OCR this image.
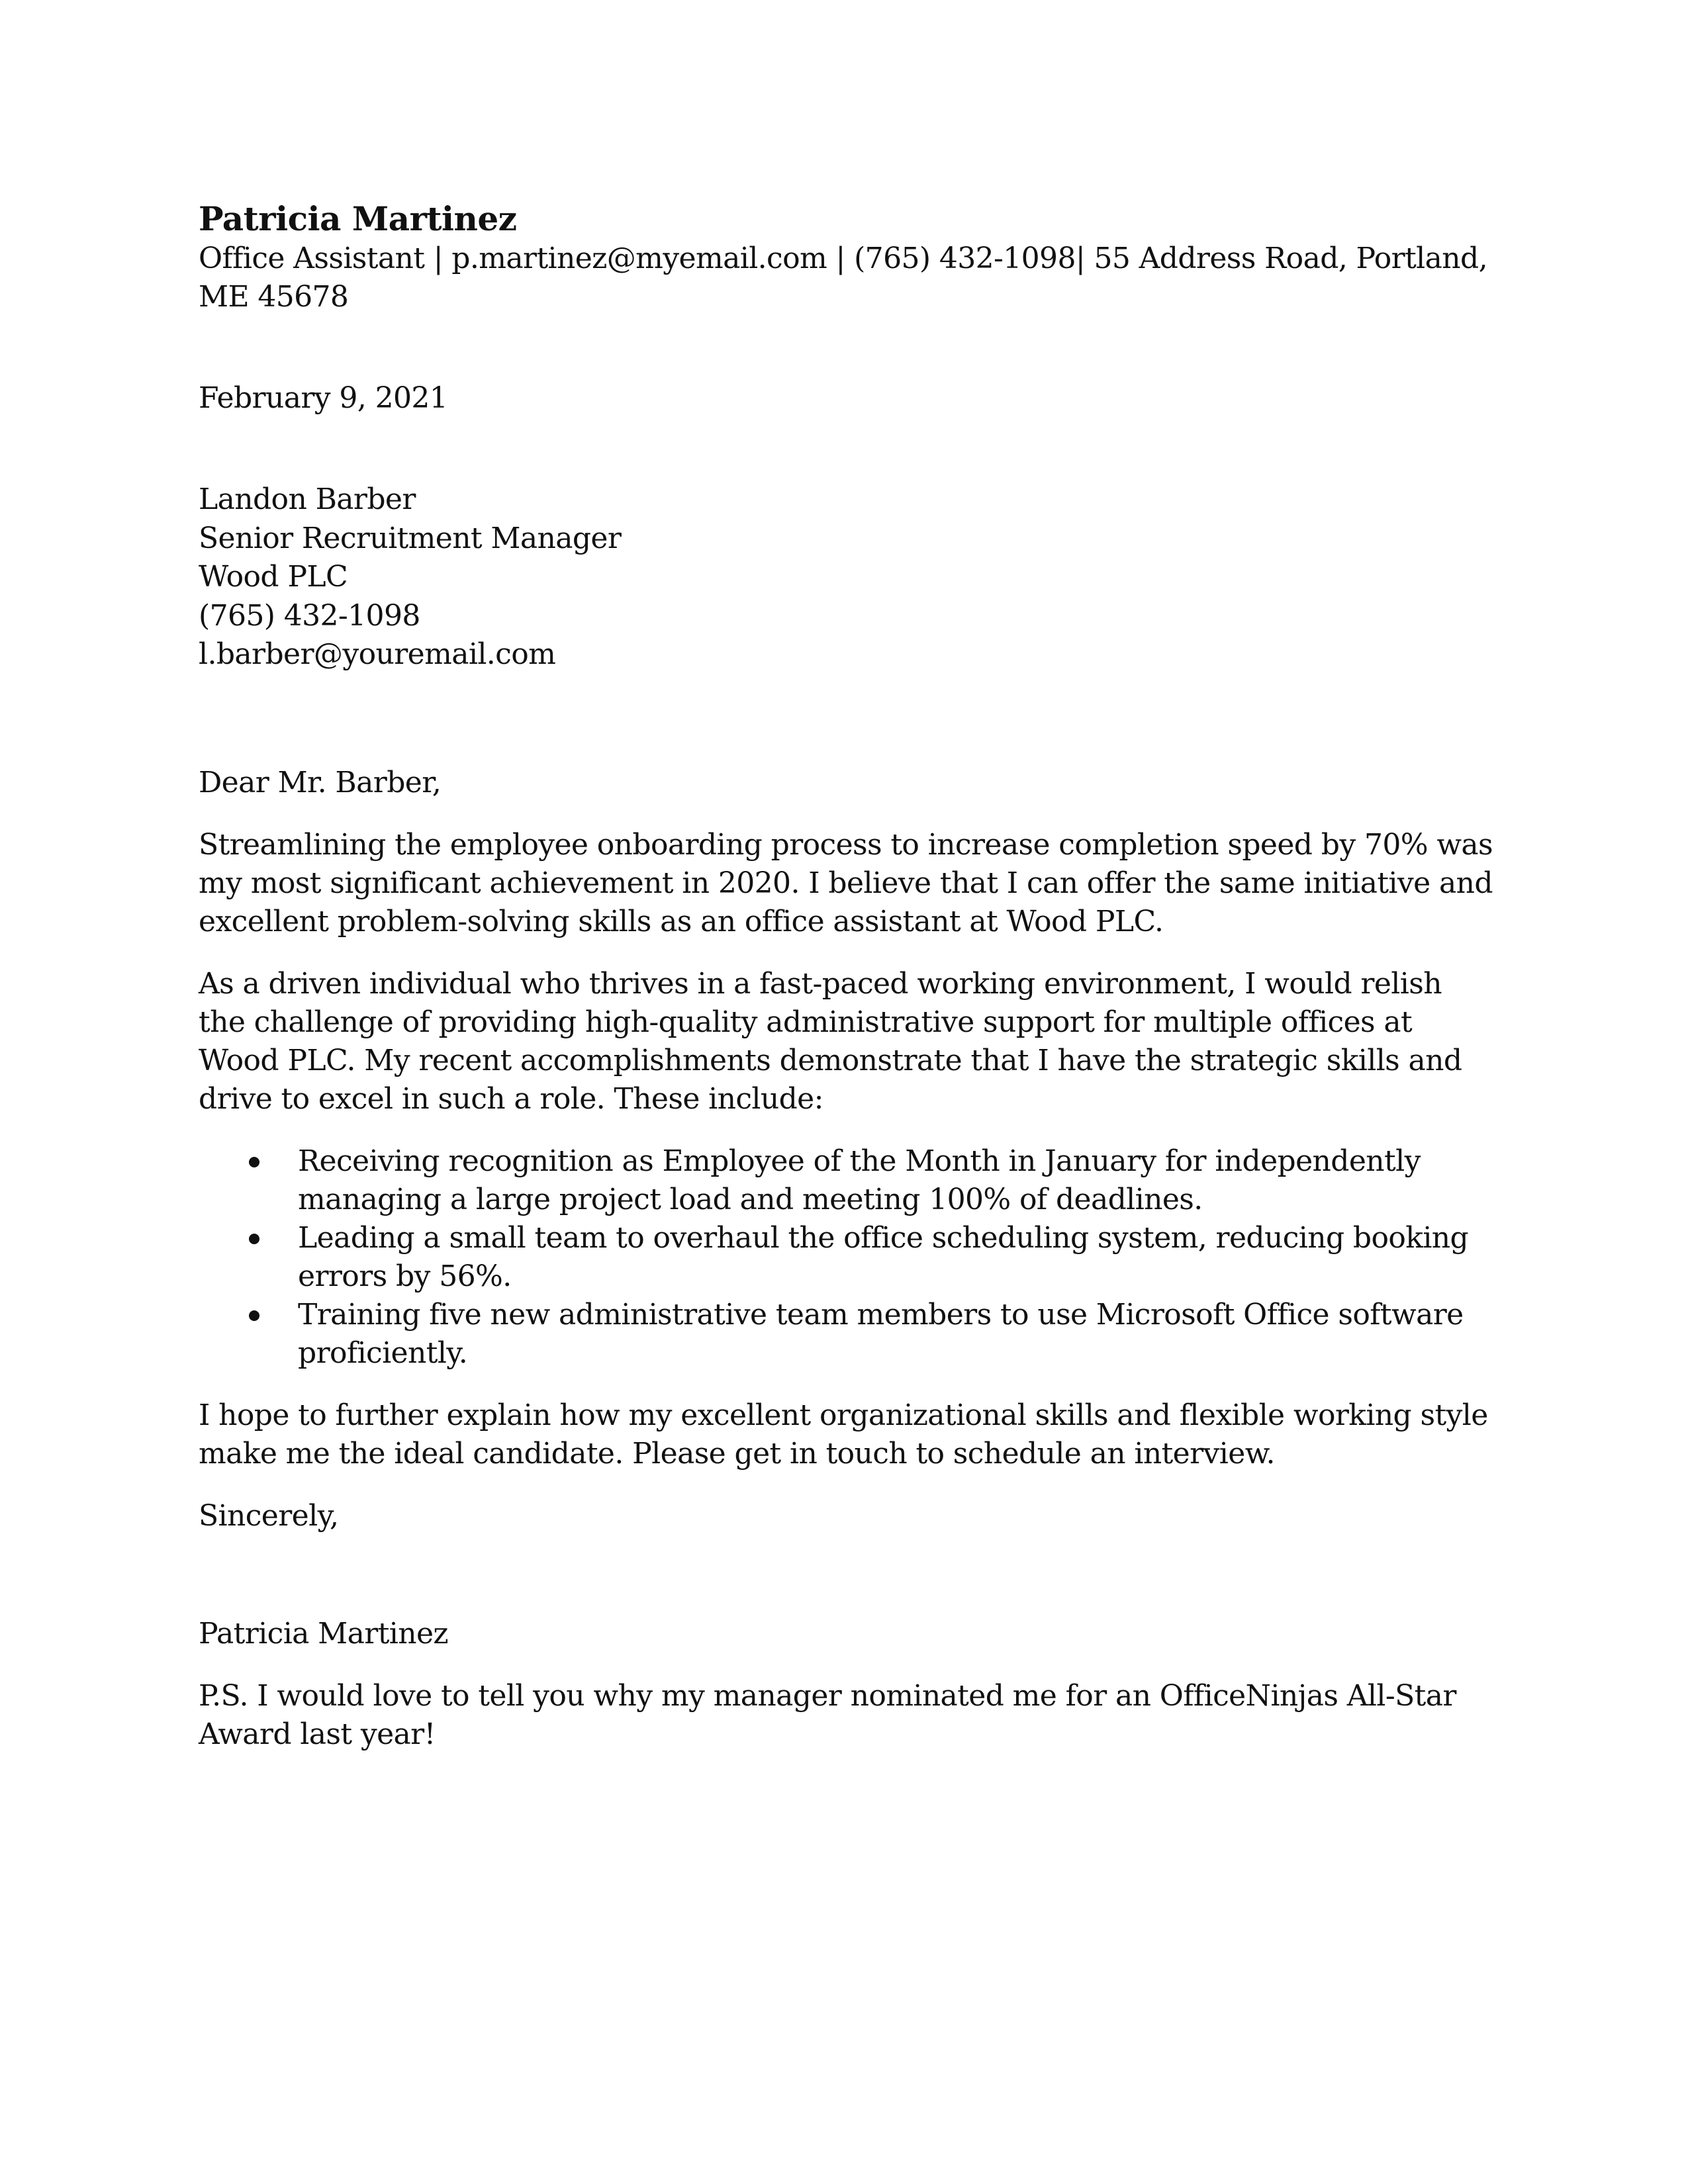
Patricia Martinez

Office Assistant | p.martinez@myemail.com | (765) 432-1098| 55 Address Road, Portland, ME 45678

February 9, 2021

Landon Barber
Senior Recruitment Manager
Wood PLC
(765) 432-1098
l.barber@youremail.com

Dear Mr. Barber,

Streamlining the employee onboarding process to increase completion speed by 70% was my most significant achievement in 2020. I believe that I can offer the same initiative and excellent problem-solving skills as an office assistant at Wood PLC.

As a driven individual who thrives in a fast-paced working environment, I would relish the challenge of providing high-quality administrative support for multiple offices at Wood PLC. My recent accomplishments demonstrate that I have the strategic skills and drive to excel in such a role. These include:

Receiving recognition as Employee of the Month in January for independently managing a large project load and meeting 100% of deadlines.
Leading a small team to overhaul the office scheduling system, reducing booking errors by 56%.
Training five new administrative team members to use Microsoft Office software proficiently.

I hope to further explain how my excellent organizational skills and flexible working style make me the ideal candidate. Please get in touch to schedule an interview.

Sincerely,

Patricia Martinez

P.S. I would love to tell you why my manager nominated me for an OfficeNinjas All-Star Award last year!
